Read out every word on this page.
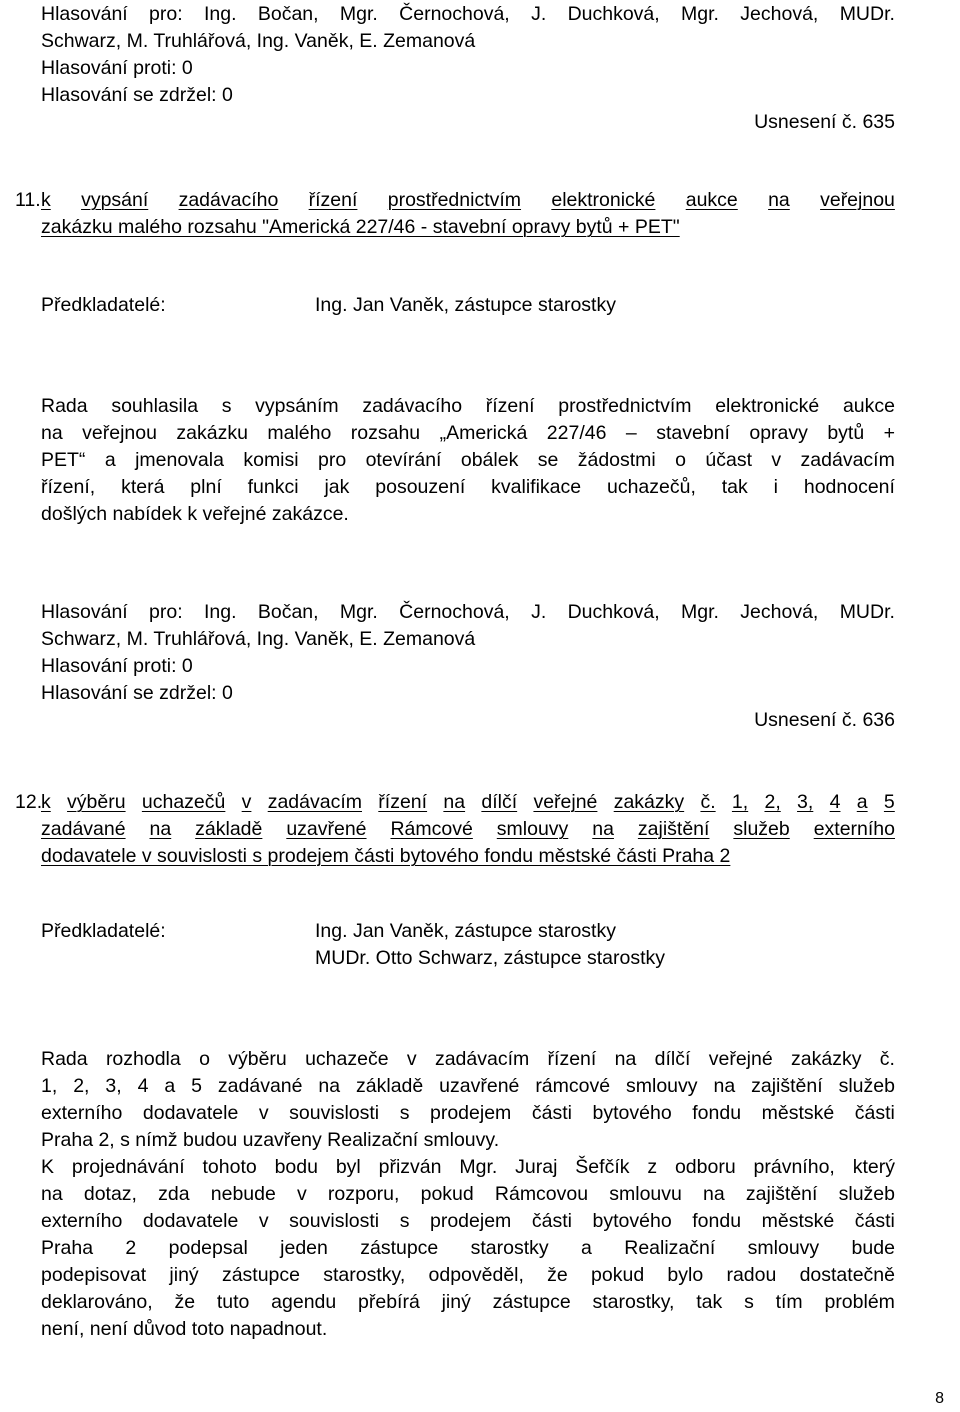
Hlasování pro: Ing. Bočan, Mgr. Černochová, J. Duchková, Mgr. Jechová, MUDr.
Schwarz, M. Truhlářová, Ing. Vaněk, E. Zemanová
Hlasování proti: 0
Hlasování se zdržel: 0
Usnesení č. 635
11. k vypsání zadávacího řízení prostřednictvím elektronické aukce na veřejnou
zakázku malého rozsahu "Americká 227/46 - stavební opravy bytů + PET"
Předkladatelé:	Ing. Jan Vaněk, zástupce starostky
Rada souhlasila s vypsáním zadávacího řízení prostřednictvím elektronické aukce
na veřejnou zakázku malého rozsahu „Americká 227/46 – stavební opravy bytů +
PET“ a jmenovala komisi pro otevírání obálek se žádostmi o účast v zadávacím
řízení, která plní funkci jak posouzení kvalifikace uchazečů, tak i hodnocení
došlých nabídek k veřejné zakázce.
Hlasování pro: Ing. Bočan, Mgr. Černochová, J. Duchková, Mgr. Jechová, MUDr.
Schwarz, M. Truhlářová, Ing. Vaněk, E. Zemanová
Hlasování proti: 0
Hlasování se zdržel: 0
Usnesení č. 636
12.
k výběru uchazečů v zadávacím řízení na dílčí veřejné zakázky č. 1, 2, 3, 4 a 5
zadávané na základě uzavřené Rámcové smlouvy na zajištění služeb externího
dodavatele v souvislosti s prodejem části bytového fondu městské části Praha 2
Předkladatelé:	Ing. Jan Vaněk, zástupce starostky
MUDr. Otto Schwarz, zástupce starostky
Rada rozhodla o výběru uchazeče v zadávacím řízení na dílčí veřejné zakázky č.
1, 2, 3, 4 a 5 zadávané na základě uzavřené rámcové smlouvy na zajištění služeb
externího dodavatele v souvislosti s prodejem části bytového fondu městské části
Praha 2, s nímž budou uzavřeny Realizační smlouvy.
K projednávání tohoto bodu byl přizván Mgr. Juraj Šefčík z odboru právního, který
na dotaz, zda nebude v rozporu, pokud Rámcovou smlouvu na zajištění služeb
externího dodavatele v souvislosti s prodejem části bytového fondu městské části
Praha 2 podepsal jeden zástupce starostky a Realizační smlouvy bude
podepisovat jiný zástupce starostky, odpověděl, že pokud bylo radou dostatečně
deklarováno, že tuto agendu přebírá jiný zástupce starostky, tak s tím problém
není, není důvod toto napadnout.
8
